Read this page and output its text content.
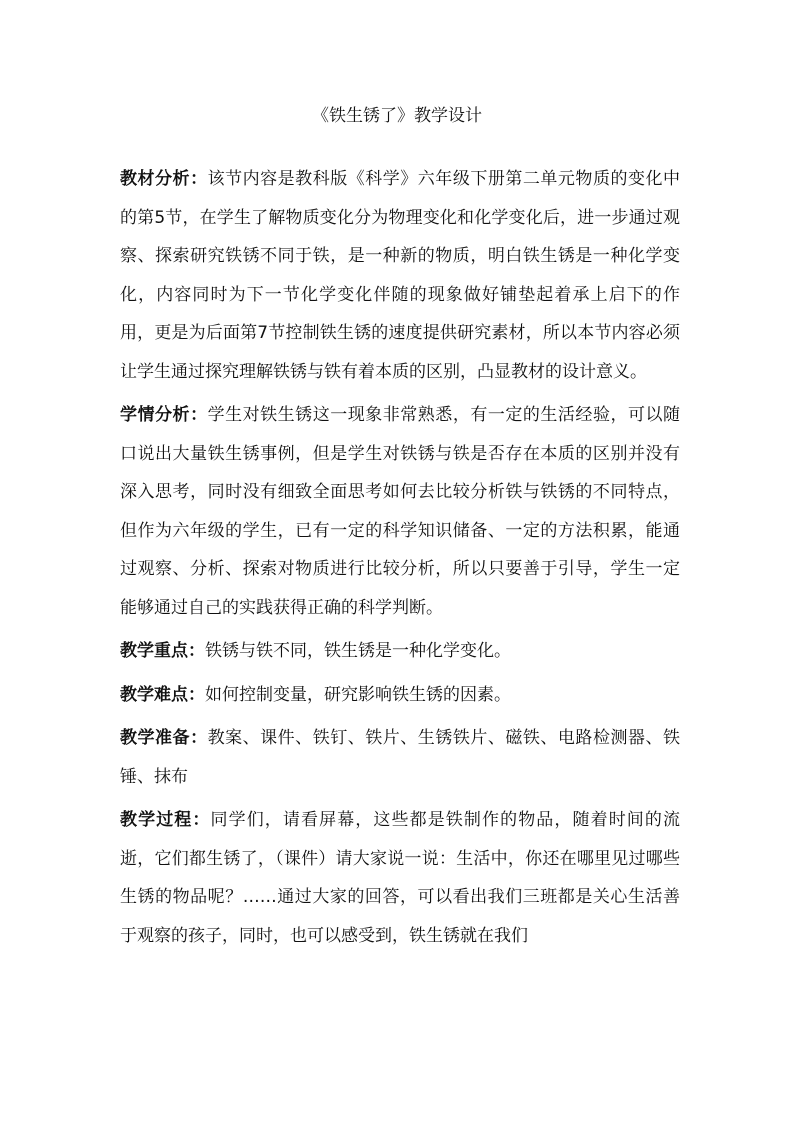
《铁生锈了》教学设计

教材分析：该节内容是教科版《科学》六年级下册第二单元物质的变化中的第5节，在学生了解物质变化分为物理变化和化学变化后，进一步通过观察、探索研究铁锈不同于铁，是一种新的物质，明白铁生锈是一种化学变化，内容同时为下一节化学变化伴随的现象做好铺垫起着承上启下的作用，更是为后面第7节控制铁生锈的速度提供研究素材，所以本节内容必须让学生通过探究理解铁锈与铁有着本质的区别，凸显教材的设计意义。

学情分析：学生对铁生锈这一现象非常熟悉，有一定的生活经验，可以随口说出大量铁生锈事例，但是学生对铁锈与铁是否存在本质的区别并没有深入思考，同时没有细致全面思考如何去比较分析铁与铁锈的不同特点，但作为六年级的学生，已有一定的科学知识储备、一定的方法积累，能通过观察、分析、探索对物质进行比较分析，所以只要善于引导，学生一定能够通过自己的实践获得正确的科学判断。

教学重点：铁锈与铁不同，铁生锈是一种化学变化。

教学难点：如何控制变量，研究影响铁生锈的因素。

教学准备：教案、课件、铁钉、铁片、生锈铁片、磁铁、电路检测器、铁锤、抹布

教学过程：同学们，请看屏幕，这些都是铁制作的物品，随着时间的流逝，它们都生锈了，（课件）请大家说一说：生活中，你还在哪里见过哪些生锈的物品呢？……通过大家的回答，可以看出我们三班都是关心生活善于观察的孩子，同时，也可以感受到，铁生锈就在我们
